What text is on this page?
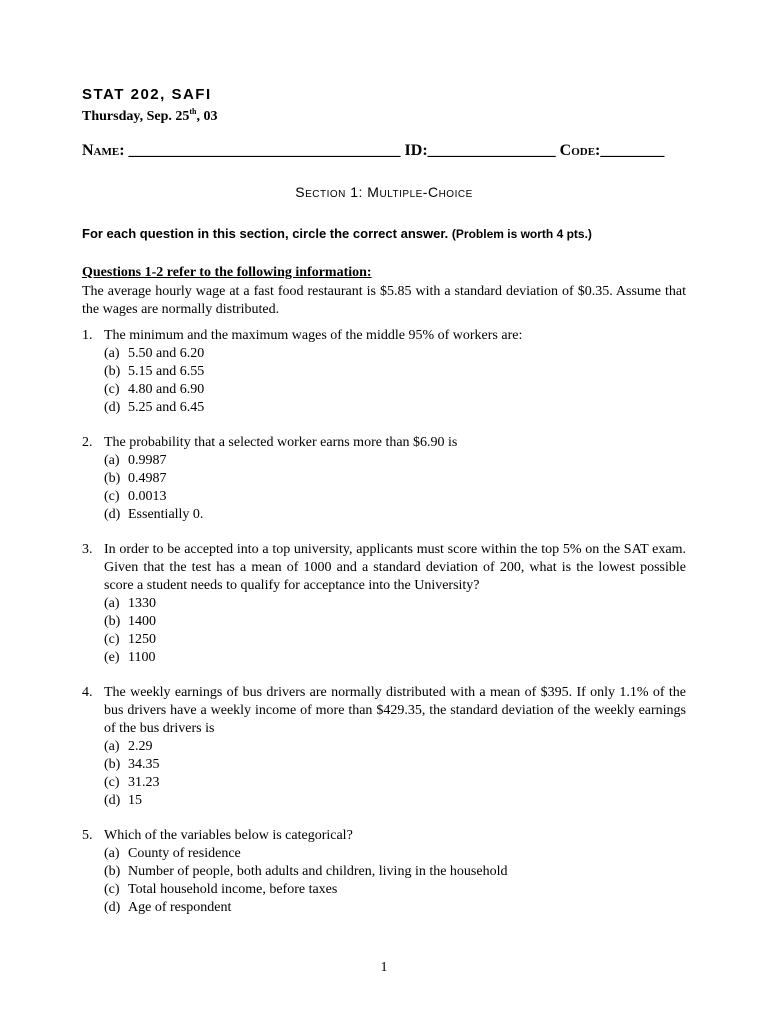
STAT 202, SAFI
Thursday, Sep. 25th, 03
Name: __________________________________ ID:________________ Code:________
Section 1: Multiple-Choice
For each question in this section, circle the correct answer. (Problem is worth 4 pts.)
Questions 1-2 refer to the following information:
The average hourly wage at a fast food restaurant is $5.85 with a standard deviation of $0.35. Assume that the wages are normally distributed.
1. The minimum and the maximum wages of the middle 95% of workers are:
(a) 5.50 and 6.20
(b) 5.15 and 6.55
(c) 4.80 and 6.90
(d) 5.25 and 6.45
2. The probability that a selected worker earns more than $6.90 is
(a) 0.9987
(b) 0.4987
(c) 0.0013
(d) Essentially 0.
3. In order to be accepted into a top university, applicants must score within the top 5% on the SAT exam. Given that the test has a mean of 1000 and a standard deviation of 200, what is the lowest possible score a student needs to qualify for acceptance into the University?
(a) 1330
(b) 1400
(c) 1250
(e) 1100
4. The weekly earnings of bus drivers are normally distributed with a mean of $395. If only 1.1% of the bus drivers have a weekly income of more than $429.35, the standard deviation of the weekly earnings of the bus drivers is
(a) 2.29
(b) 34.35
(c) 31.23
(d) 15
5. Which of the variables below is categorical?
(a) County of residence
(b) Number of people, both adults and children, living in the household
(c) Total household income, before taxes
(d) Age of respondent
1
